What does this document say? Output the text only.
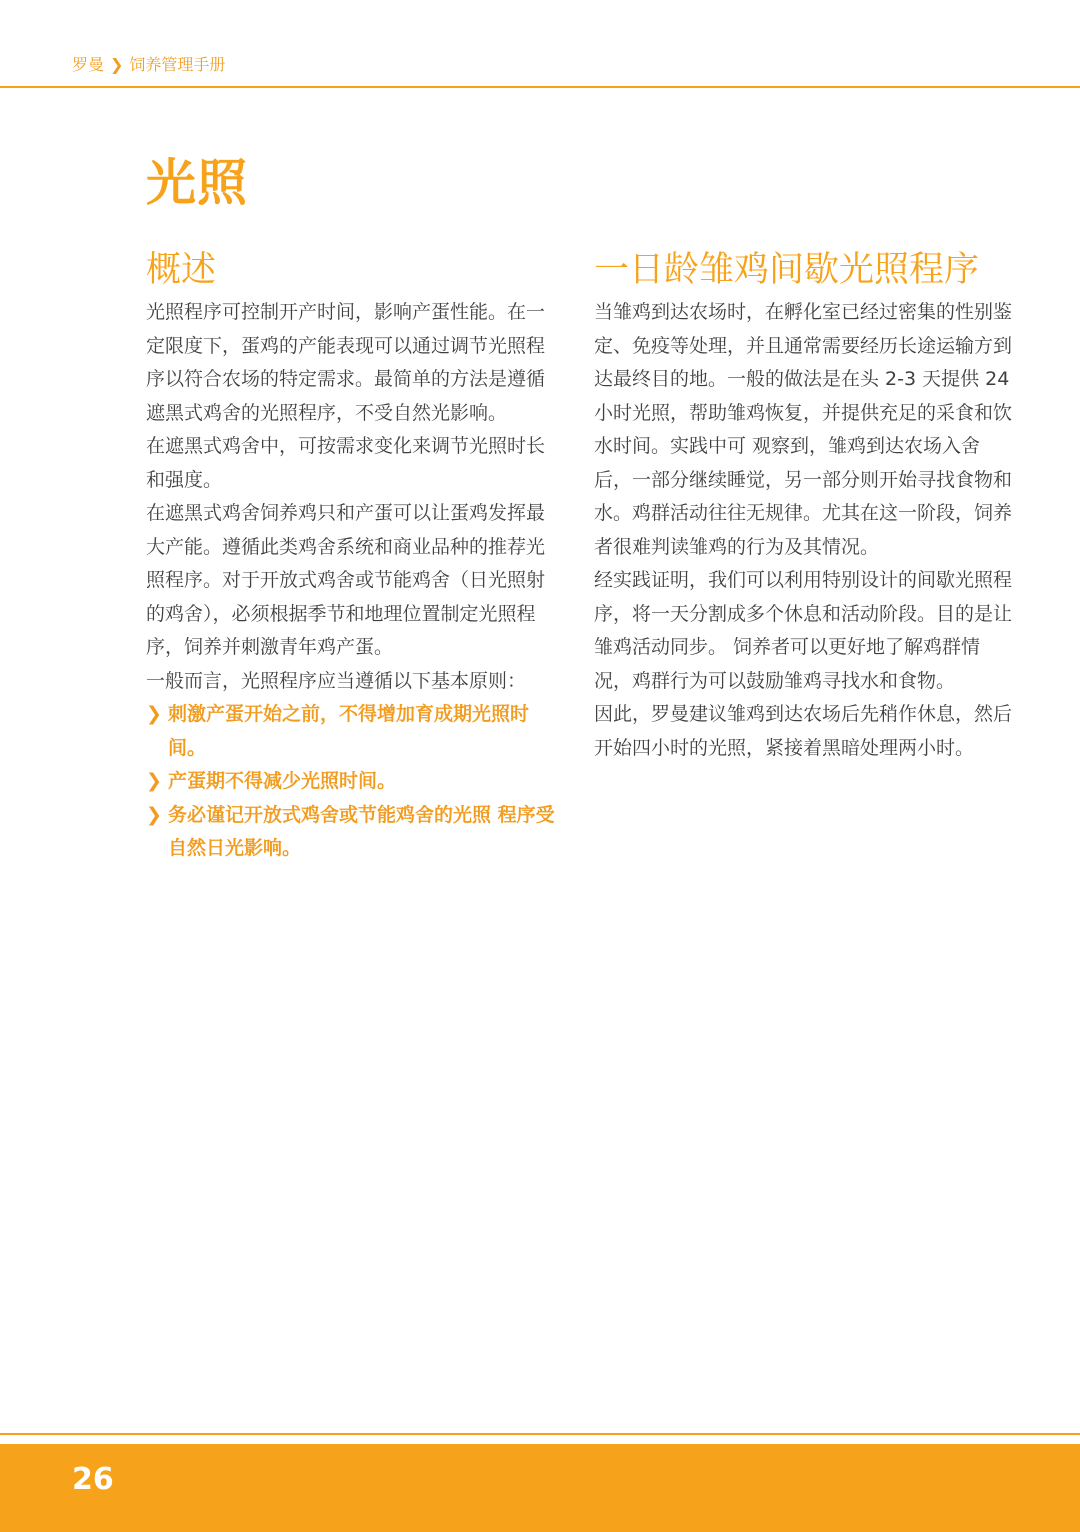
罗曼 ❯ 饲养管理手册
光照
概述	一日龄雏鸡间歇光照程序

光照程序可控制开产时间，影响产蛋性能。在一定限度下，蛋鸡的产能表现可以通过调节光照程序以符合农场的特定需求。最简单的方法是遵循遮黑式鸡舍的光照程序，不受自然光影响。

在遮黑式鸡舍中，可按需求变化来调节光照时长和强度。

在遮黑式鸡舍饲养鸡只和产蛋可以让蛋鸡发挥最大产能。遵循此类鸡舍系统和商业品种的推荐光照程序。对于开放式鸡舍或节能鸡舍（日光照射的鸡舍），必须根据季节和地理位置制定光照程序，饲养并刺激青年鸡产蛋。

一般而言，光照程序应当遵循以下基本原则：

❯ 刺激产蛋开始之前，不得增加育成期光照时间。
❯ 产蛋期不得减少光照时间。
❯ 务必谨记开放式鸡舍或节能鸡舍的光照 程序受自然日光影响。

当雏鸡到达农场时，在孵化室已经过密集的性别鉴定、免疫等处理，并且通常需要经历长途运输方到达最终目的地。一般的做法是在头 2-3 天提供 24 小时光照，帮助雏鸡恢复，并提供充足的采食和饮水时间。实践中可 观察到，雏鸡到达农场入舍后，一部分继续睡觉，另一部分则开始寻找食物和水。鸡群活动往往无规律。尤其在这一阶段，饲养者很难判读雏鸡的行为及其情况。

经实践证明，我们可以利用特别设计的间歇光照程序，将一天分割成多个休息和活动阶段。目的是让雏鸡活动同步。 饲养者可以更好地了解鸡群情况，鸡群行为可以鼓励雏鸡寻找水和食物。

因此，罗曼建议雏鸡到达农场后先稍作休息，然后开始四小时的光照，紧接着黑暗处理两小时。

26
